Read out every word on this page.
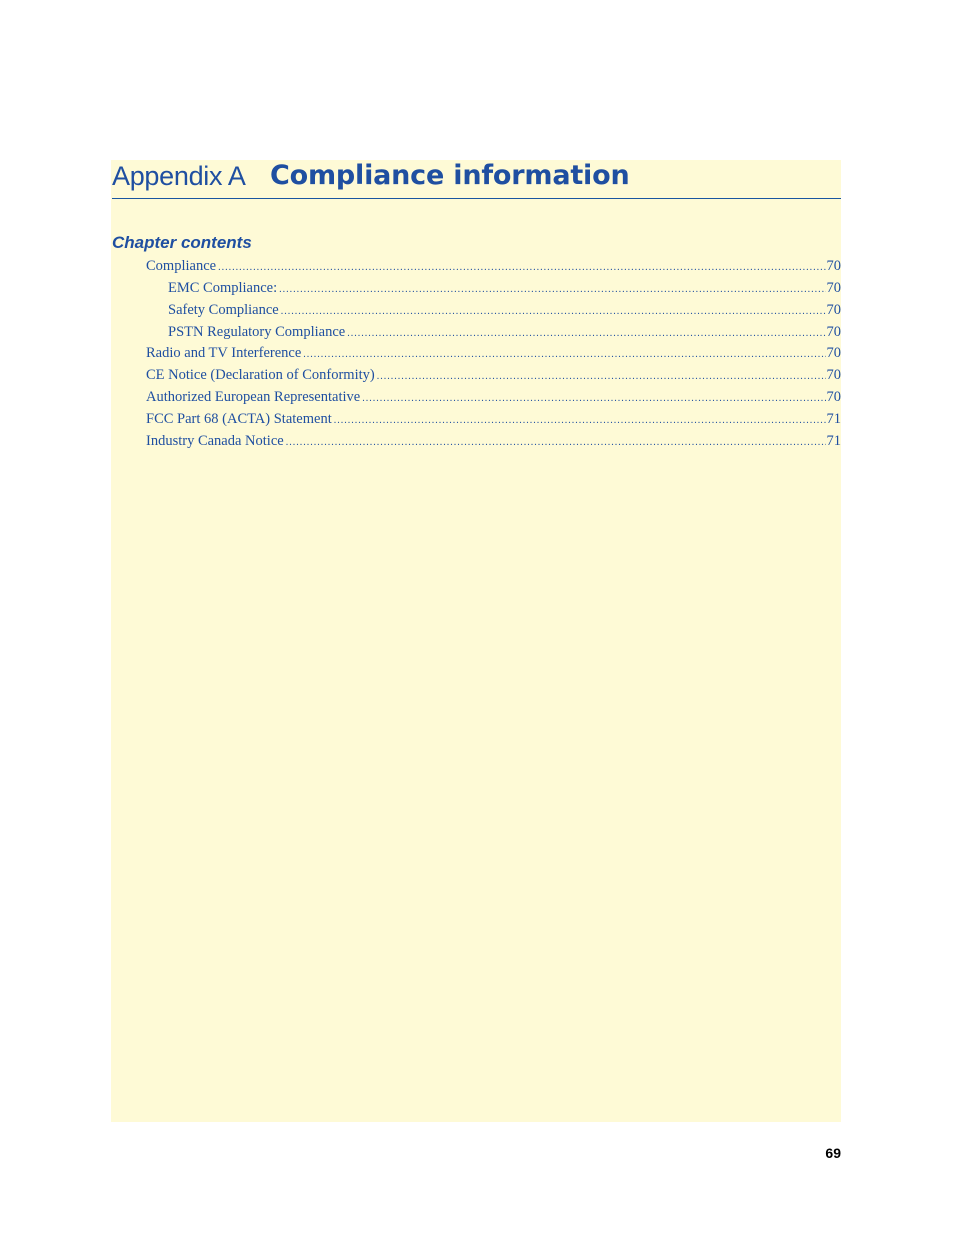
Appendix A Compliance information
Chapter contents
Compliance .....	70
EMC Compliance: .....	70
Safety Compliance .....	70
PSTN Regulatory Compliance .....	70
Radio and TV Interference .....	70
CE Notice (Declaration of Conformity) .....	70
Authorized European Representative .....	70
FCC Part 68 (ACTA) Statement .....	71
Industry Canada Notice .....	71
69
